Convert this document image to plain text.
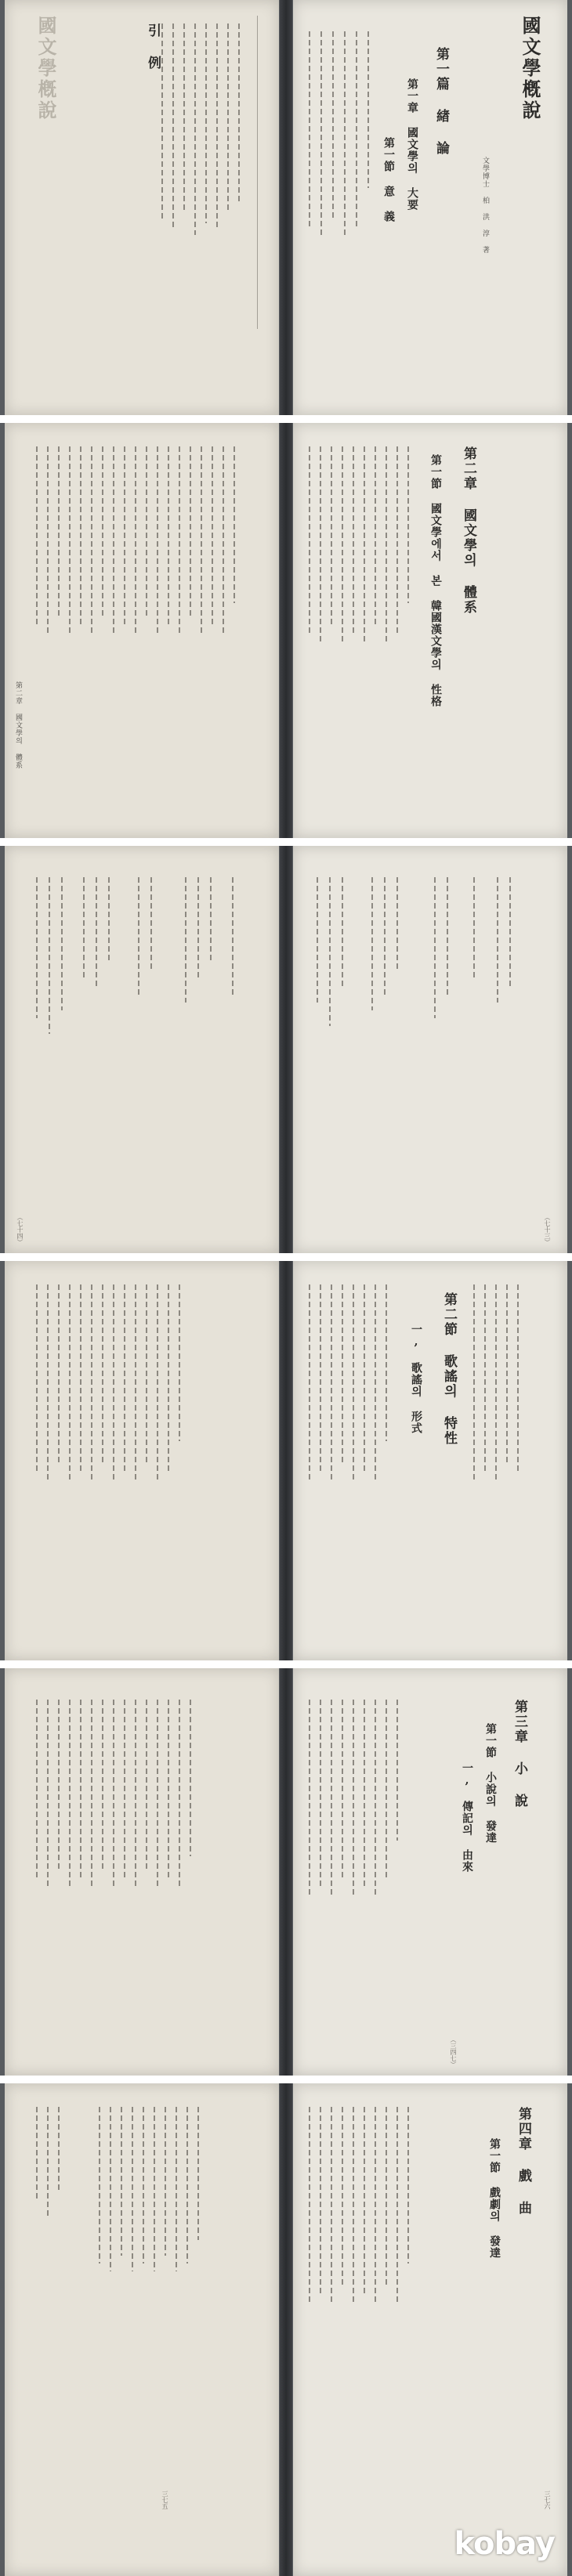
國文學槪說	引 例
第一節 意 義 第一章 國文學의 大要 第一篇 緖 論
文學博士 柏 洪 淳 著
國文學槪說
第二章 國文學의 體系
第一節 國文學에서 본 韓國漢文學의 性格 第二章 國文學의 體系
（七十四）	（七十三）
一, 歌謠의 形式 第二節 歌謠의 特性
一, 傳記의 由來 第一節 小說의 發達 第三章 小 說
（三四七）
三七五
第一節 戲劇의 發達 第四章 戲 曲
三七六
kobay
